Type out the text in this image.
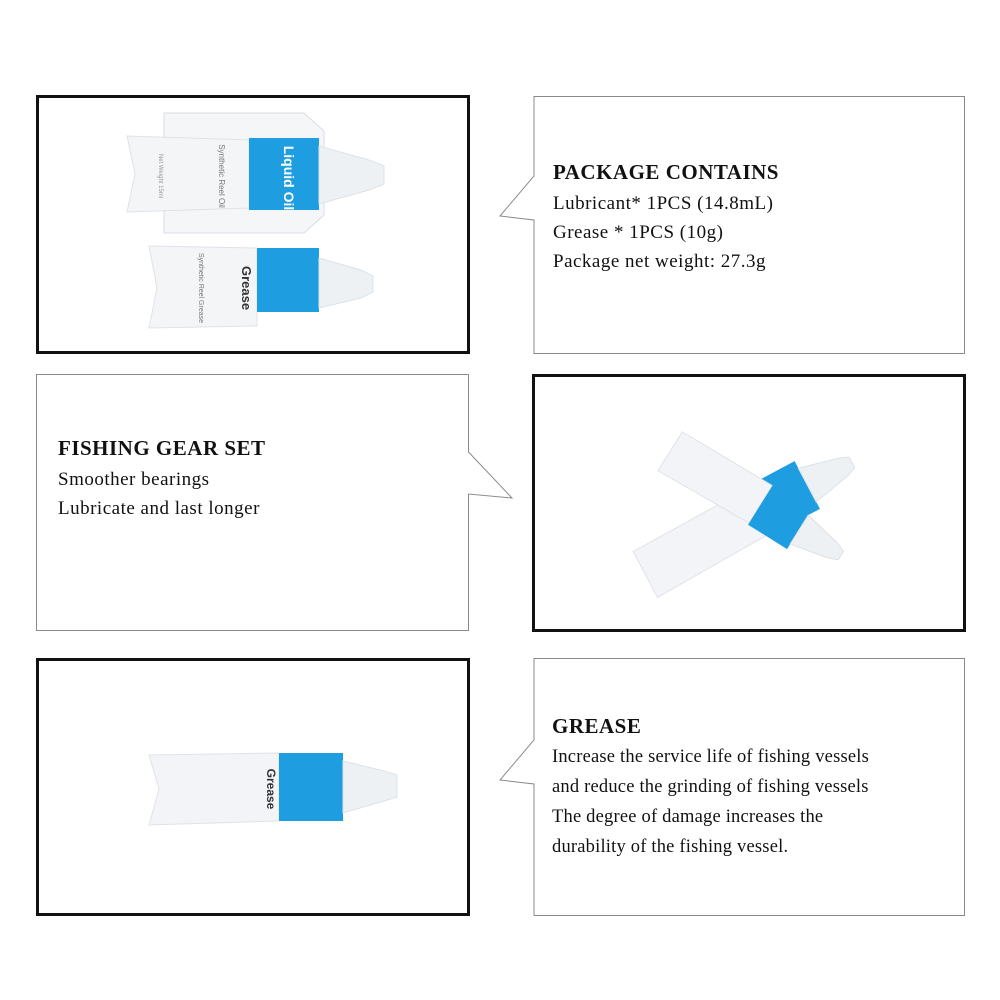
Liquid Oil
Synthetic Reel Oil
Net Weight 15ml
Grease
Synthetic Reel Grease
PACKAGE CONTAINS
Lubricant* 1PCS (14.8mL)
Grease * 1PCS (10g)
Package net weight: 27.3g
FISHING GEAR SET
Smoother bearings
Lubricate and last longer
Grease
GREASE
Increase the service life of fishing vessels
and reduce the grinding of fishing vessels
The degree of damage increases the
durability of the fishing vessel.
